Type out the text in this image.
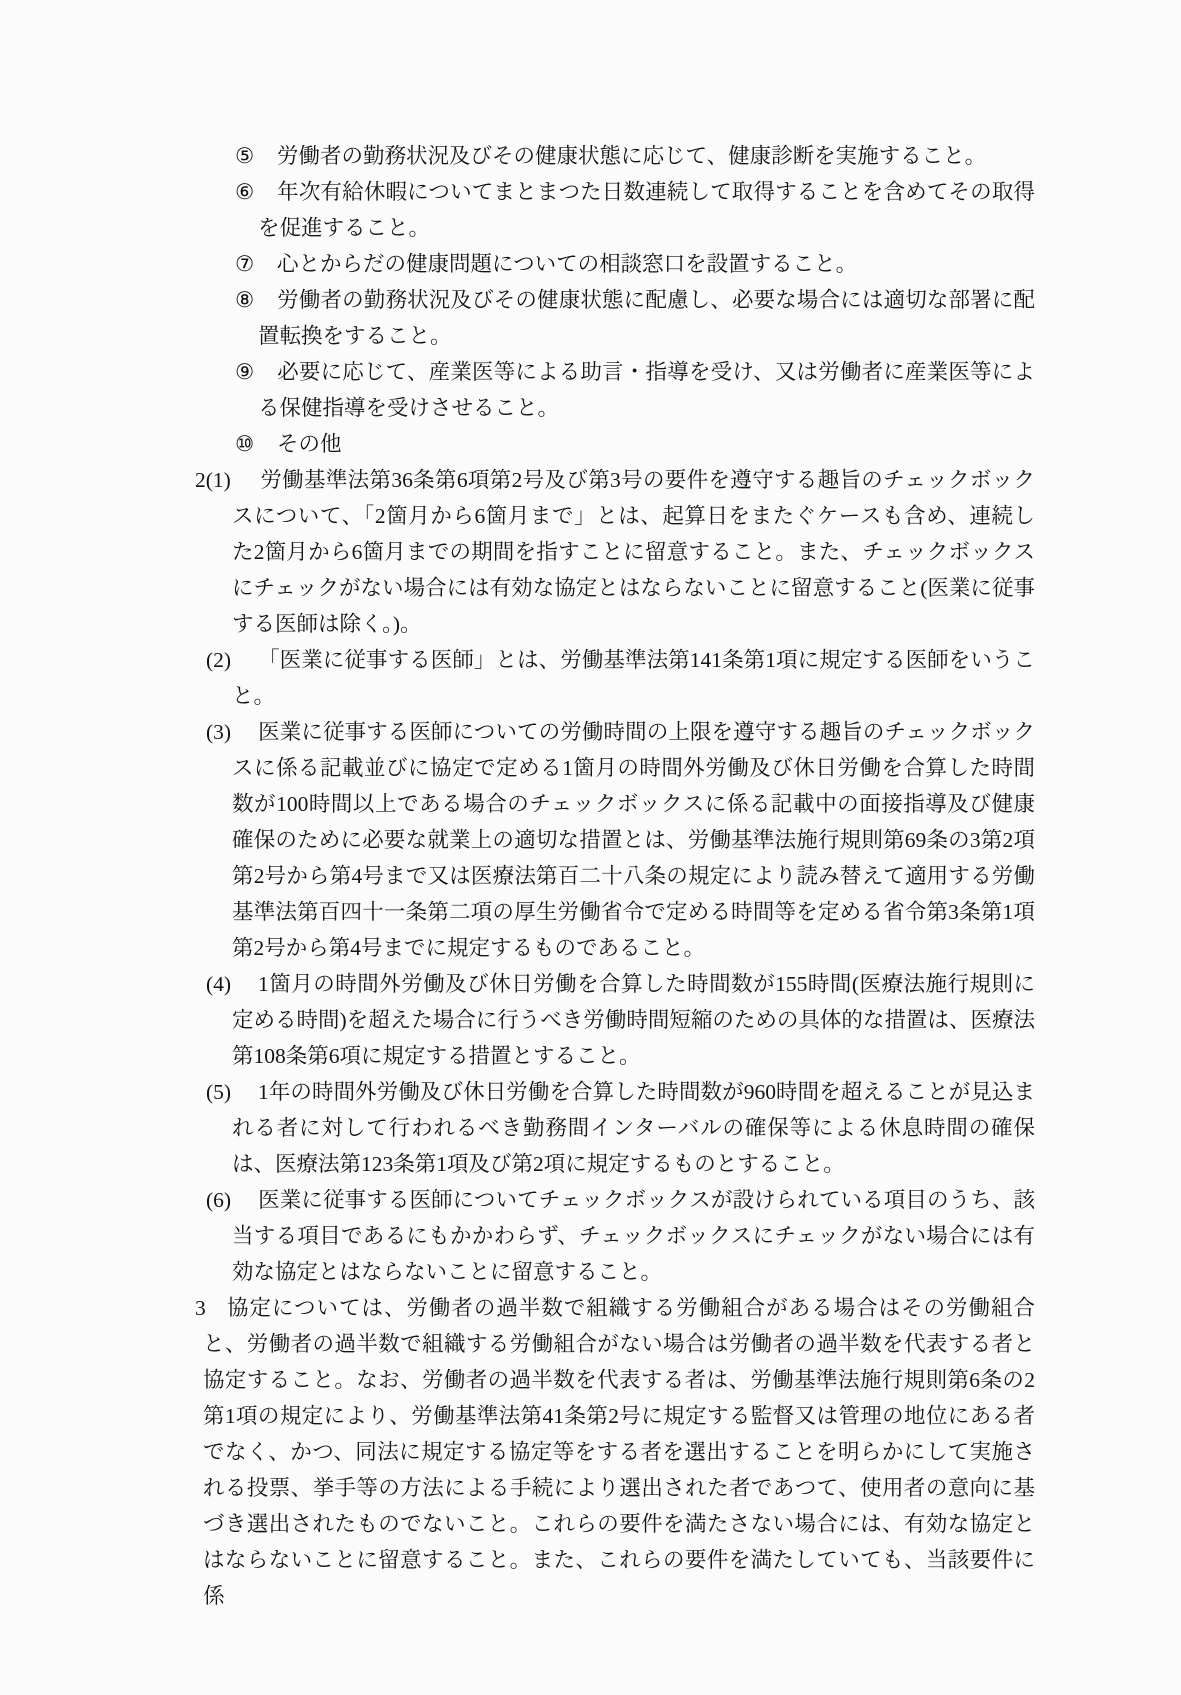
⑤ 労働者の勤務状況及びその健康状態に応じて、健康診断を実施すること。

⑥ 年次有給休暇についてまとまつた日数連続して取得することを含めてその取得を促進すること。

⑦ 心とからだの健康問題についての相談窓口を設置すること。

⑧ 労働者の勤務状況及びその健康状態に配慮し、必要な場合には適切な部署に配置転換をすること。

⑨ 必要に応じて、産業医等による助言・指導を受け、又は労働者に産業医等による保健指導を受けさせること。

⑩ その他

2(1) 労働基準法第36条第6項第2号及び第3号の要件を遵守する趣旨のチェックボックスについて、「2箇月から6箇月まで」とは、起算日をまたぐケースも含め、連続した2箇月から6箇月までの期間を指すことに留意すること。また、チェックボックスにチェックがない場合には有効な協定とはならないことに留意すること(医業に従事する医師は除く。)。

(2) 「医業に従事する医師」とは、労働基準法第141条第1項に規定する医師をいうこと。

(3) 医業に従事する医師についての労働時間の上限を遵守する趣旨のチェックボックスに係る記載並びに協定で定める1箇月の時間外労働及び休日労働を合算した時間数が100時間以上である場合のチェックボックスに係る記載中の面接指導及び健康確保のために必要な就業上の適切な措置とは、労働基準法施行規則第69条の3第2項第2号から第4号まで又は医療法第百二十八条の規定により読み替えて適用する労働基準法第百四十一条第二項の厚生労働省令で定める時間等を定める省令第3条第1項第2号から第4号までに規定するものであること。

(4) 1箇月の時間外労働及び休日労働を合算した時間数が155時間(医療法施行規則に定める時間)を超えた場合に行うべき労働時間短縮のための具体的な措置は、医療法第108条第6項に規定する措置とすること。

(5) 1年の時間外労働及び休日労働を合算した時間数が960時間を超えることが見込まれる者に対して行われるべき勤務間インターバルの確保等による休息時間の確保は、医療法第123条第1項及び第2項に規定するものとすること。

(6) 医業に従事する医師についてチェックボックスが設けられている項目のうち、該当する項目であるにもかかわらず、チェックボックスにチェックがない場合には有効な協定とはならないことに留意すること。

3 協定については、労働者の過半数で組織する労働組合がある場合はその労働組合と、労働者の過半数で組織する労働組合がない場合は労働者の過半数を代表する者と協定すること。なお、労働者の過半数を代表する者は、労働基準法施行規則第6条の2第1項の規定により、労働基準法第41条第2号に規定する監督又は管理の地位にある者でなく、かつ、同法に規定する協定等をする者を選出することを明らかにして実施される投票、挙手等の方法による手続により選出された者であつて、使用者の意向に基づき選出されたものでないこと。これらの要件を満たさない場合には、有効な協定とはならないことに留意すること。また、これらの要件を満たしていても、当該要件に係
